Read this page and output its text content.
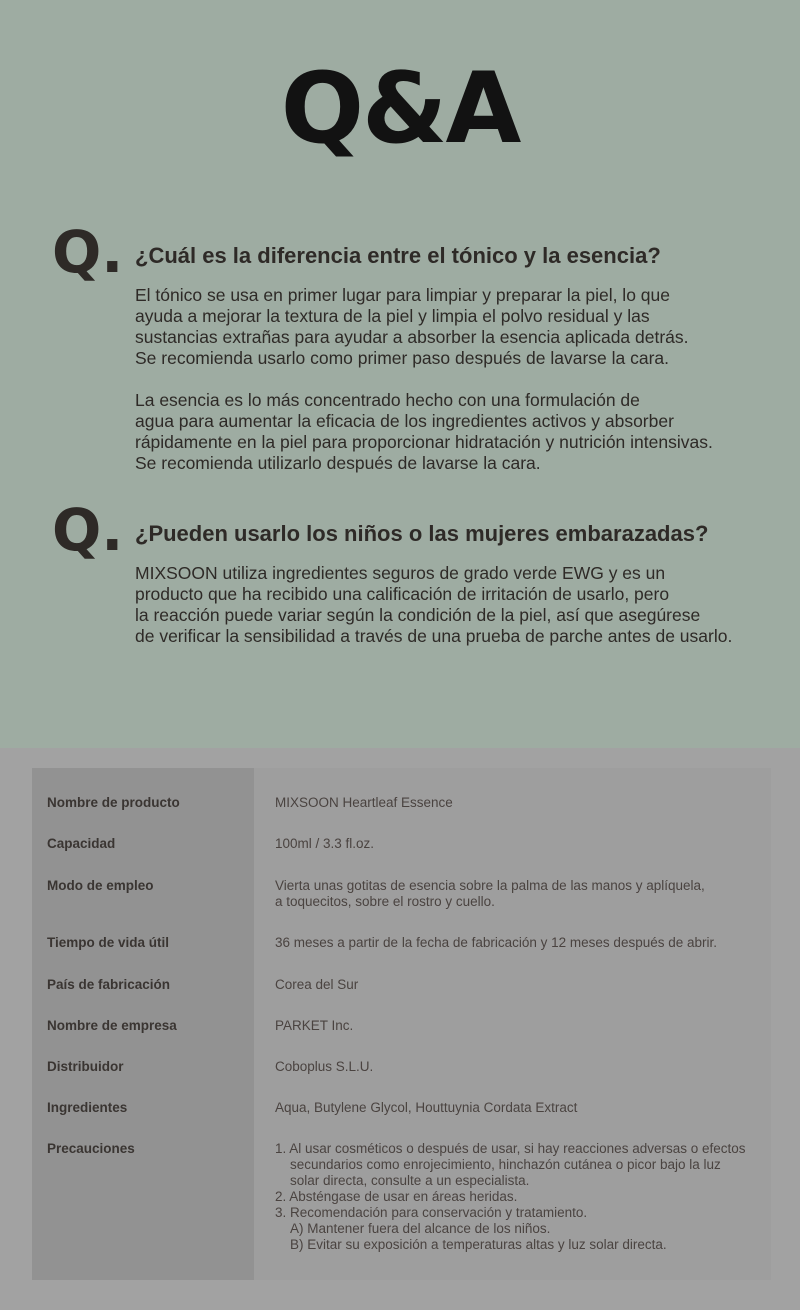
Q&A
Q. ¿Cuál es la diferencia entre el tónico y la esencia?

El tónico se usa en primer lugar para limpiar y preparar la piel, lo que
ayuda a mejorar la textura de la piel y limpia el polvo residual y las
sustancias extrañas para ayudar a absorber la esencia aplicada detrás.
Se recomienda usarlo como primer paso después de lavarse la cara.

La esencia es lo más concentrado hecho con una formulación de
agua para aumentar la eficacia de los ingredientes activos y absorber
rápidamente en la piel para proporcionar hidratación y nutrición intensivas.
Se recomienda utilizarlo después de lavarse la cara.

Q. ¿Pueden usarlo los niños o las mujeres embarazadas?

MIXSOON utiliza ingredientes seguros de grado verde EWG y es un
producto que ha recibido una calificación de irritación de usarlo, pero
la reacción puede variar según la condición de la piel, así que asegúrese
de verificar la sensibilidad a través de una prueba de parche antes de usarlo.

Nombre de producto	MIXSOON Heartleaf Essence
Capacidad	100ml / 3.3 fl.oz.
Modo de empleo	Vierta unas gotitas de esencia sobre la palma de las manos y aplíquela,
a toquecitos, sobre el rostro y cuello.
Tiempo de vida útil	36 meses a partir de la fecha de fabricación y 12 meses después de abrir.
País de fabricación	Corea del Sur
Nombre de empresa	PARKET Inc.
Distribuidor	Coboplus S.L.U.
Ingredientes	Aqua, Butylene Glycol, Houttuynia Cordata Extract
Precauciones	1. Al usar cosméticos o después de usar, si hay reacciones adversas o efectos
secundarios como enrojecimiento, hinchazón cutánea o picor bajo la luz
solar directa, consulte a un especialista.
2. Absténgase de usar en áreas heridas.
3. Recomendación para conservación y tratamiento.
A) Mantener fuera del alcance de los niños.
B) Evitar su exposición a temperaturas altas y luz solar directa.
